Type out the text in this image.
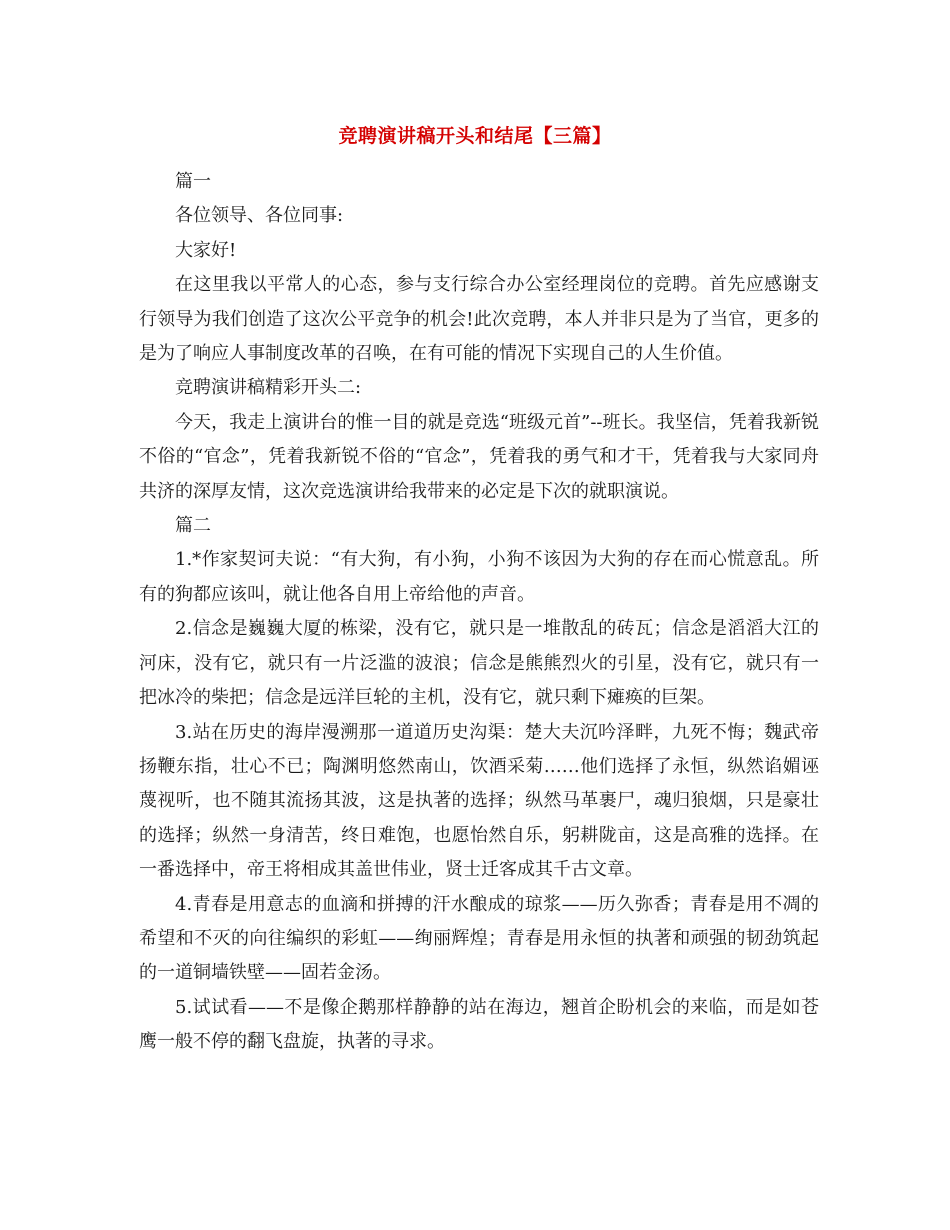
竞聘演讲稿开头和结尾【三篇】

篇一

各位领导、各位同事:

大家好!

在这里我以平常人的心态，参与支行综合办公室经理岗位的竞聘。首先应感谢支行领导为我们创造了这次公平竞争的机会!此次竞聘，本人并非只是为了当官，更多的是为了响应人事制度改革的召唤，在有可能的情况下实现自己的人生价值。

竞聘演讲稿精彩开头二:

今天，我走上演讲台的惟一目的就是竞选“班级元首”--班长。我坚信，凭着我新锐不俗的“官念”，凭着我新锐不俗的“官念”，凭着我的勇气和才干，凭着我与大家同舟共济的深厚友情，这次竞选演讲给我带来的必定是下次的就职演说。

篇二

1.*作家契诃夫说：“有大狗，有小狗，小狗不该因为大狗的存在而心慌意乱。所有的狗都应该叫，就让他各自用上帝给他的声音。

2.信念是巍巍大厦的栋梁，没有它，就只是一堆散乱的砖瓦；信念是滔滔大江的河床，没有它，就只有一片泛滥的波浪；信念是熊熊烈火的引星，没有它，就只有一把冰冷的柴把；信念是远洋巨轮的主机，没有它，就只剩下瘫痪的巨架。

3.站在历史的海岸漫溯那一道道历史沟渠：楚大夫沉吟泽畔，九死不悔；魏武帝扬鞭东指，壮心不已；陶渊明悠然南山，饮酒采菊……他们选择了永恒，纵然谄媚诬蔑视听，也不随其流扬其波，这是执著的选择；纵然马革裹尸，魂归狼烟，只是豪壮的选择；纵然一身清苦，终日难饱，也愿怡然自乐，躬耕陇亩，这是高雅的选择。在一番选择中，帝王将相成其盖世伟业，贤士迁客成其千古文章。

4.青春是用意志的血滴和拼搏的汗水酿成的琼浆——历久弥香；青春是用不凋的希望和不灭的向往编织的彩虹——绚丽辉煌；青春是用永恒的执著和顽强的韧劲筑起的一道铜墙铁壁——固若金汤。

5.试试看——不是像企鹅那样静静的站在海边，翘首企盼机会的来临，而是如苍鹰一般不停的翻飞盘旋，执著的寻求。
